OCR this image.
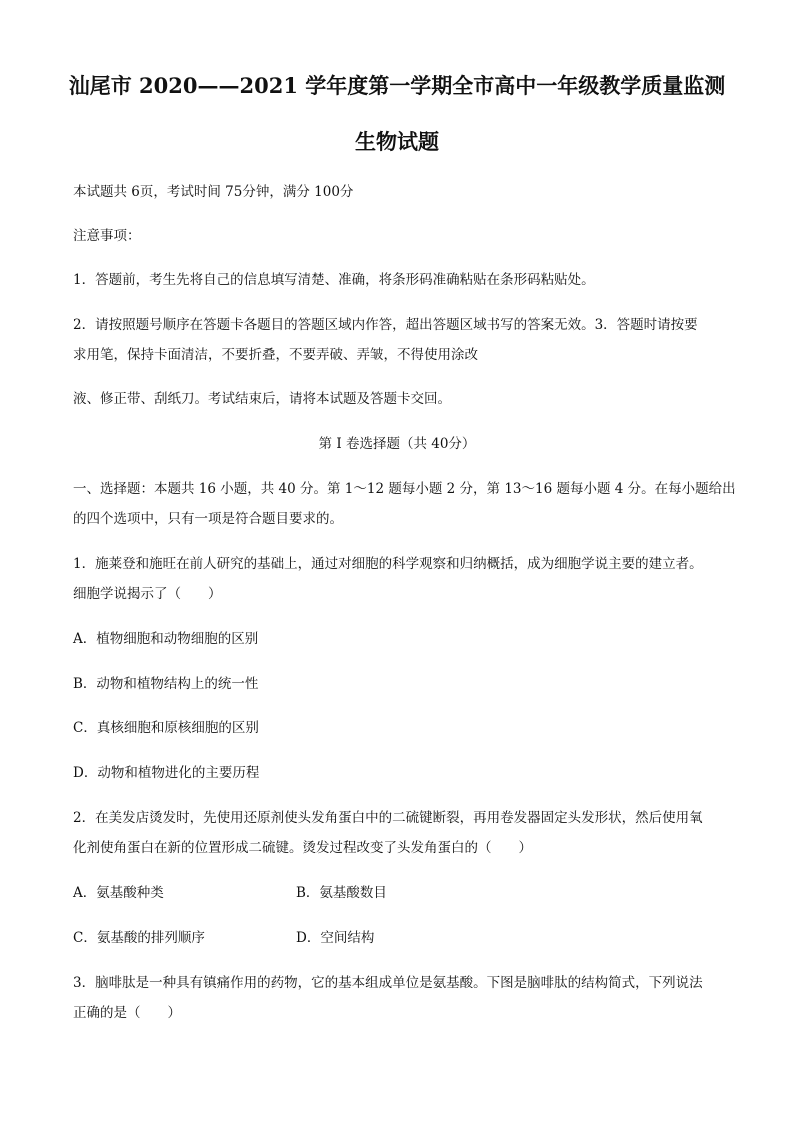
汕尾市 2020——2021 学年度第一学期全市高中一年级教学质量监测
生物试题
本试题共 6页，考试时间 75分钟，满分 100分
注意事项：
1．答题前，考生先将自己的信息填写清楚、准确，将条形码准确粘贴在条形码粘贴处。
2．请按照题号顺序在答题卡各题目的答题区域内作答，超出答题区域书写的答案无效。3．答题时请按要
求用笔，保持卡面清洁，不要折叠，不要弄破、弄皱，不得使用涂改
液、修正带、刮纸刀。考试结束后，请将本试题及答题卡交回。
第 I 卷选择题（共 40分）
一、选择题：本题共 16 小题，共 40 分。第 1～12 题每小题 2 分，第 13～16 题每小题 4 分。在每小题给出
的四个选项中，只有一项是符合题目要求的。
1．施莱登和施旺在前人研究的基础上，通过对细胞的科学观察和归纳概括，成为细胞学说主要的建立者。
细胞学说揭示了（　　）
A．植物细胞和动物细胞的区别
B．动物和植物结构上的统一性
C．真核细胞和原核细胞的区别
D．动物和植物进化的主要历程
2．在美发店烫发时，先使用还原剂使头发角蛋白中的二硫键断裂，再用卷发器固定头发形状，然后使用氧
化剂使角蛋白在新的位置形成二硫键。烫发过程改变了头发角蛋白的（　　）
A．氨基酸种类	B．氨基酸数目
C．氨基酸的排列顺序	D．空间结构
3．脑啡肽是一种具有镇痛作用的药物，它的基本组成单位是氨基酸。下图是脑啡肽的结构简式，下列说法
正确的是（　　）
